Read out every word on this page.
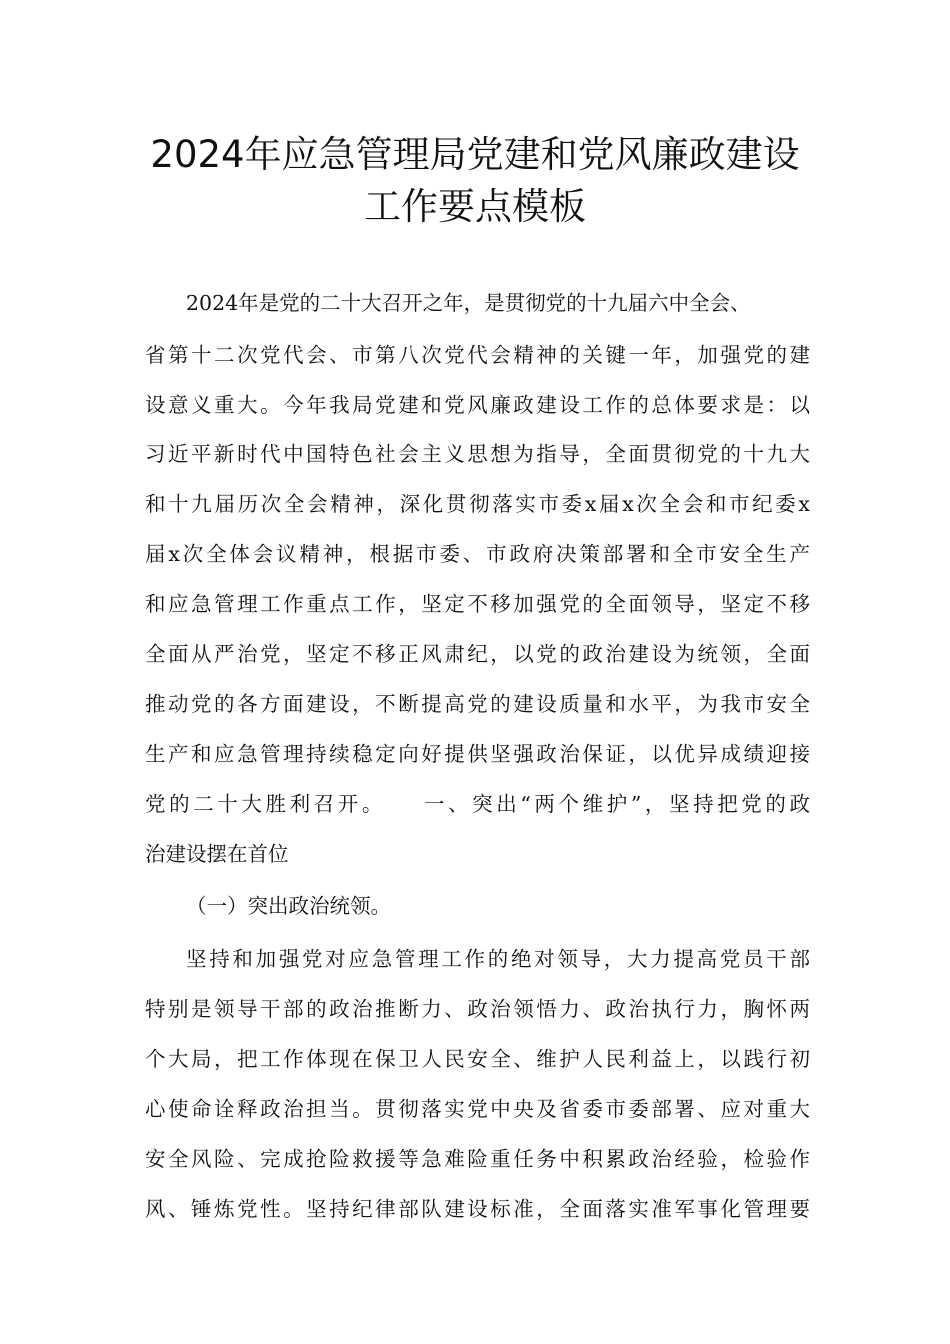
2024年应急管理局党建和党风廉政建设
工作要点模板
2024年是党的二十大召开之年，是贯彻党的十九届六中全会、
省第十二次党代会、市第八次党代会精神的关键一年，加强党的建
设意义重大。今年我局党建和党风廉政建设工作的总体要求是：以
习近平新时代中国特色社会主义思想为指导，全面贯彻党的十九大
和十九届历次全会精神，深化贯彻落实市委x届x次全会和市纪委x
届x次全体会议精神，根据市委、市政府决策部署和全市安全生产
和应急管理工作重点工作，坚定不移加强党的全面领导，坚定不移
全面从严治党，坚定不移正风肃纪，以党的政治建设为统领，全面
推动党的各方面建设，不断提高党的建设质量和水平，为我市安全
生产和应急管理持续稳定向好提供坚强政治保证，以优异成绩迎接
党的二十大胜利召开。　　一、突出“两个维护”，坚持把党的政
治建设摆在首位
（一）突出政治统领。
坚持和加强党对应急管理工作的绝对领导，大力提高党员干部
特别是领导干部的政治推断力、政治领悟力、政治执行力，胸怀两
个大局，把工作体现在保卫人民安全、维护人民利益上，以践行初
心使命诠释政治担当。贯彻落实党中央及省委市委部署、应对重大
安全风险、完成抢险救援等急难险重任务中积累政治经验，检验作
风、锤炼党性。坚持纪律部队建设标准，全面落实准军事化管理要
